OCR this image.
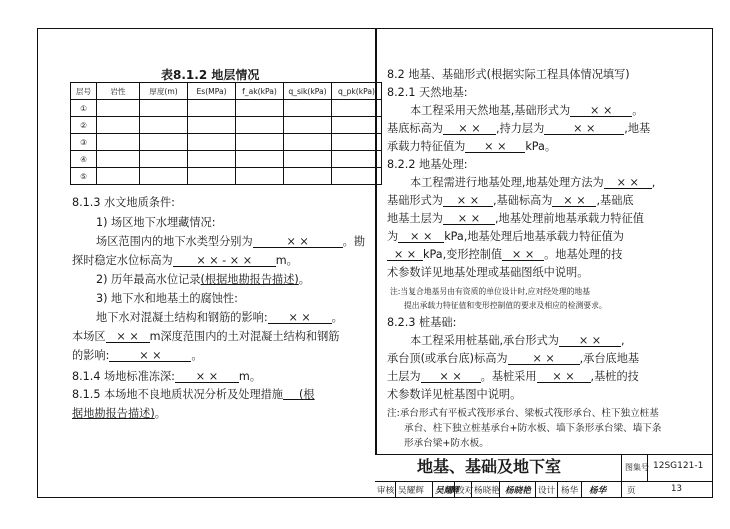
表8.1.2 地层情况
层号	岩性	厚度(m)	Es(MPa)	f_ak(kPa)	q_sik(kPa)	q_pk(kPa)
①						
②						
③						
④						
⑤						
8.1.3 水文地质条件:
1) 场区地下水埋藏情况:
场区范围内的地下水类型分别为	× ×	。勘
探时稳定水位标高为 × × - × × m。
2) 历年最高水位记录(根据地勘报告描述)。
3) 地下水和地基土的腐蚀性:
地下水对混凝土结构和钢筋的影响: × × 。
本场区 × × m深度范围内的土对混凝土结构和钢筋
的影响:	× ×	。
8.1.4 场地标准冻深: × × m。
8.1.5 本场地不良地质状况分析及处理措施 (根
据地勘报告描述)。
8.2 地基、基础形式(根据实际工程具体情况填写)
8.2.1 天然地基:
本工程采用天然地基,基础形式为 × × 。
基底标高为 × × ,持力层为	× ×	,地基
承载力特征值为 × × kPa。
8.2.2 地基处理:
本工程需进行地基处理,地基处理方法为 × × ,
基础形式为 × × ,基础标高为 × × ,基础底
地基土层为 × × ,地基处理前地基承载力特征值
为 × × kPa,地基处理后地基承载力特征值为
× × kPa,变形控制值 × × 。地基处理的技
术参数详见地基处理或基础图纸中说明。
注:当复合地基另由有资质的单位设计时,应对经处理的地基
提出承载力特征值和变形控制值的要求及相应的检测要求。
8.2.3 桩基础:
本工程采用桩基础,承台形式为 × × ,
承台顶(或承台底)标高为 × × ,承台底地基
土层为 × × 。基桩采用 × × ,基桩的技
术参数详见桩基图中说明。
注:承台形式有平板式筏形承台、梁板式筏形承台、柱下独立桩基
承台、柱下独立桩基承台+防水板、墙下条形承台梁、墙下条
形承台梁+防水板。
地基、基础及地下室	图集号 12SG121-1
审核 吴耀辉 吴耀辉 校对 杨晓艳 杨晓艳 设计 杨华 杨华 页	13
